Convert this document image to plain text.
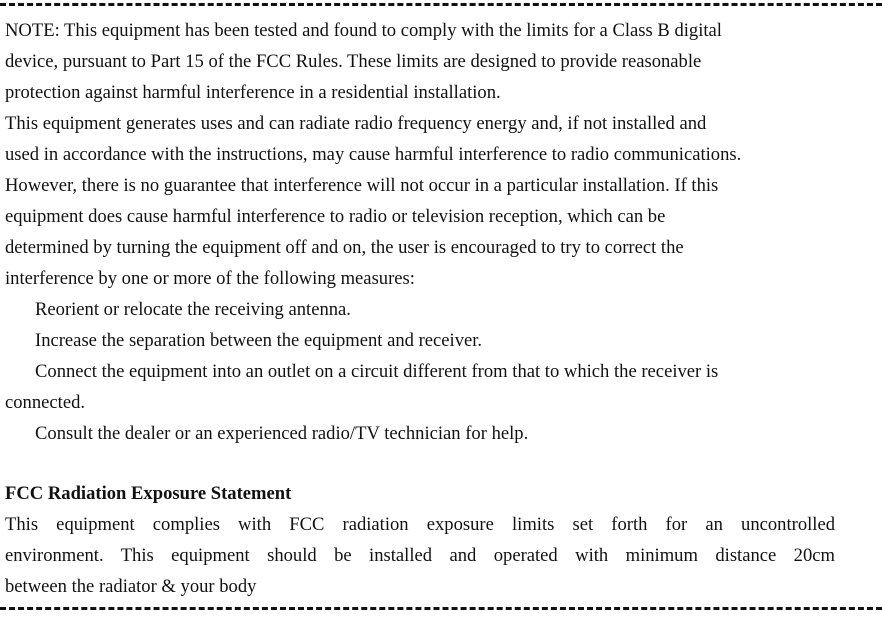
NOTE: This equipment has been tested and found to comply with the limits for a Class B digital
device, pursuant to Part 15 of the FCC Rules. These limits are designed to provide reasonable
protection against harmful interference in a residential installation.
This equipment generates uses and can radiate radio frequency energy and, if not installed and
used in accordance with the instructions, may cause harmful interference to radio communications.
However, there is no guarantee that interference will not occur in a particular installation. If this
equipment does cause harmful interference to radio or television reception, which can be
determined by turning the equipment off and on, the user is encouraged to try to correct the
interference by one or more of the following measures:
Reorient or relocate the receiving antenna.
Increase the separation between the equipment and receiver.
Connect the equipment into an outlet on a circuit different from that to which the receiver is
connected.
Consult the dealer or an experienced radio/TV technician for help.
FCC Radiation Exposure Statement
This equipment complies with FCC radiation exposure limits set forth for an uncontrolled
environment. This equipment should be installed and operated with minimum distance 20cm
between the radiator & your body
